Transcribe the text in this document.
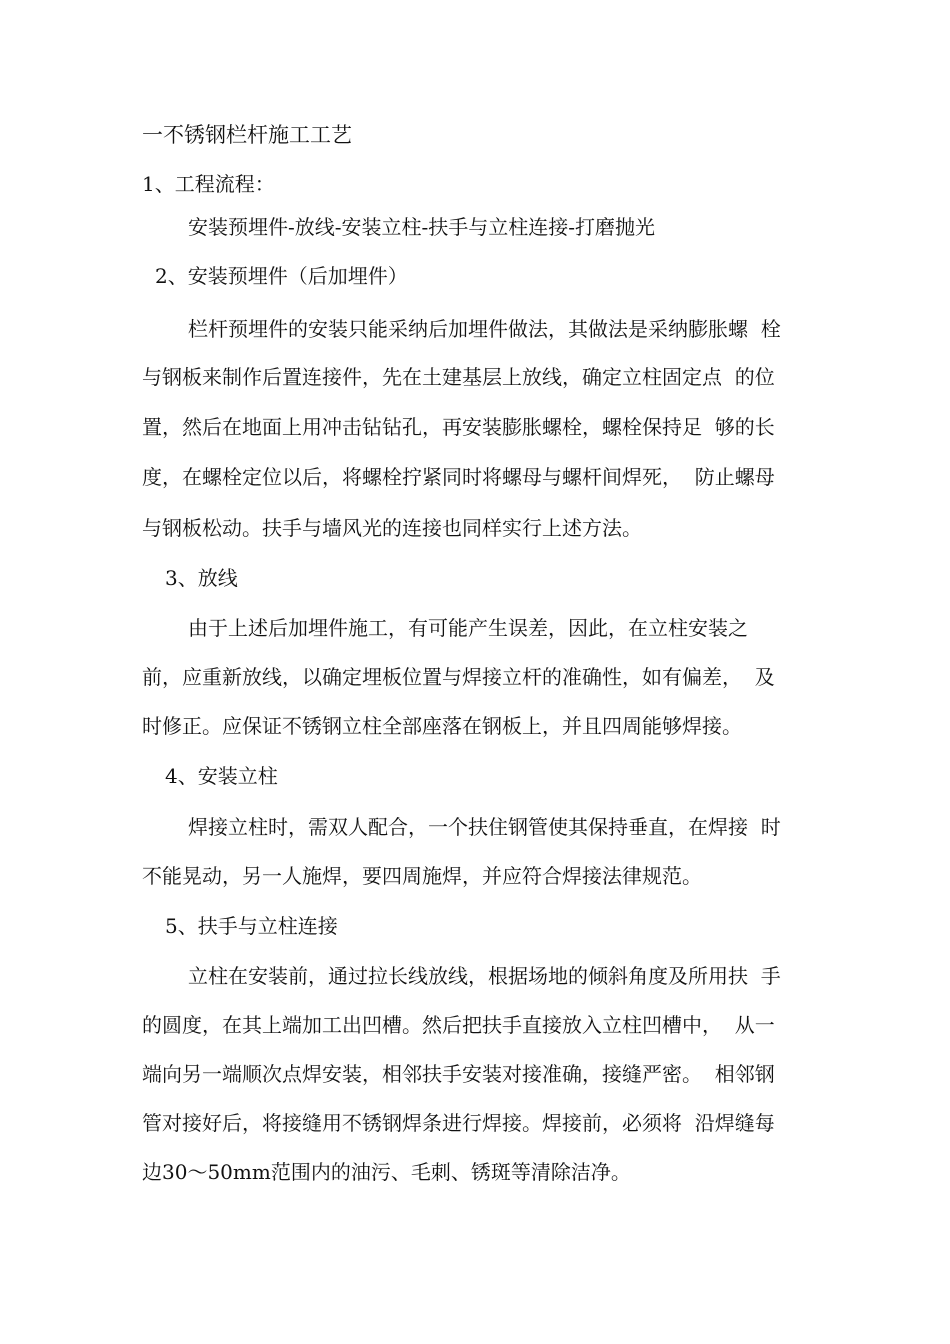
一不锈钢栏杆施工工艺
1、工程流程：
安装预埋件-放线-安装立柱-扶手与立柱连接-打磨抛光
2、安装预埋件（后加埋件）
栏杆预埋件的安装只能采纳后加埋件做法，其做法是采纳膨胀螺  栓
与钢板来制作后置连接件，先在土建基层上放线，确定立柱固定点  的位
置，然后在地面上用冲击钻钻孔，再安装膨胀螺栓，螺栓保持足  够的长
度，在螺栓定位以后，将螺栓拧紧同时将螺母与螺杆间焊死，  防止螺母
与钢板松动。扶手与墙风光的连接也同样实行上述方法。
3、放线
由于上述后加埋件施工，有可能产生误差，因此，在立柱安装之
前，应重新放线，以确定埋板位置与焊接立杆的准确性，如有偏差，  及
时修正。应保证不锈钢立柱全部座落在钢板上，并且四周能够焊接。
4、安装立柱
焊接立柱时，需双人配合，一个扶住钢管使其保持垂直，在焊接  时
不能晃动，另一人施焊，要四周施焊，并应符合焊接法律规范。
5、扶手与立柱连接
立柱在安装前，通过拉长线放线，根据场地的倾斜角度及所用扶  手
的圆度，在其上端加工出凹槽。然后把扶手直接放入立柱凹槽中，  从一
端向另一端顺次点焊安装，相邻扶手安装对接准确，接缝严密。  相邻钢
管对接好后，将接缝用不锈钢焊条进行焊接。焊接前，必须将  沿焊缝每
边30〜50mm范围内的油污、毛刺、锈斑等清除洁净。
